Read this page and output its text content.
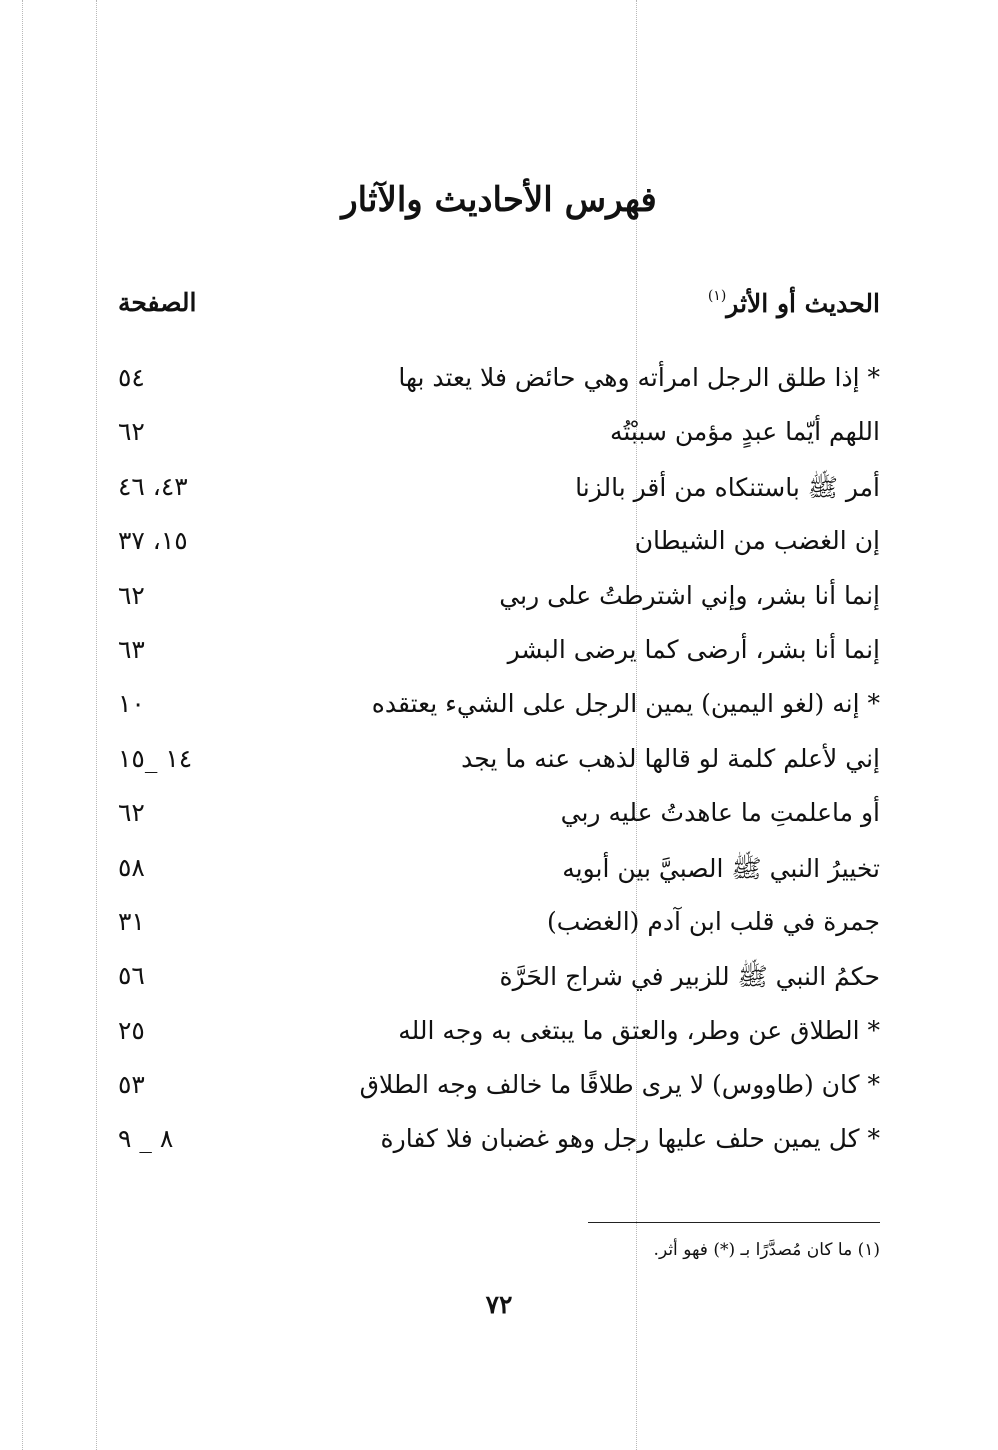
فهرس الأحاديث والآثار
الحديث أو الأثر$^{(١)}$
الصفحة
* إذا طلق الرجل امرأته وهي حائض فلا يعتد بها
٥٤
اللهم أيّما عبدٍ مؤمن سببْتُه
٦٢
أمر ﷺ باستنكاه من أقر بالزنا
٤٣، ٤٦
إن الغضب من الشيطان
١٥، ٣٧
إنما أنا بشر، وإني اشترطتُ على ربي
٦٢
إنما أنا بشر، أرضى كما يرضى البشر
٦٣
* إنه (لغو اليمين) يمين الرجل على الشيء يعتقده
١٠
إني لأعلم كلمة لو قالها لذهب عنه ما يجد
١٤ _١٥
أو ماعلمتِ ما عاهدتُ عليه ربي
٦٢
تخييرُ النبي ﷺ الصبيَّ بين أبويه
٥٨
جمرة في قلب ابن آدم (الغضب)
٣١
حكمُ النبي ﷺ للزبير في شراج الحَرَّة
٥٦
* الطلاق عن وطر، والعتق ما يبتغى به وجه الله
٢٥
* كان (طاووس) لا يرى طلاقًا ما خالف وجه الطلاق
٥٣
* كل يمين حلف عليها رجل وهو غضبان فلا كفارة
٨ _ ٩
(١) ما كان مُصدَّرًا بـ (*) فهو أثر.
٧٢
